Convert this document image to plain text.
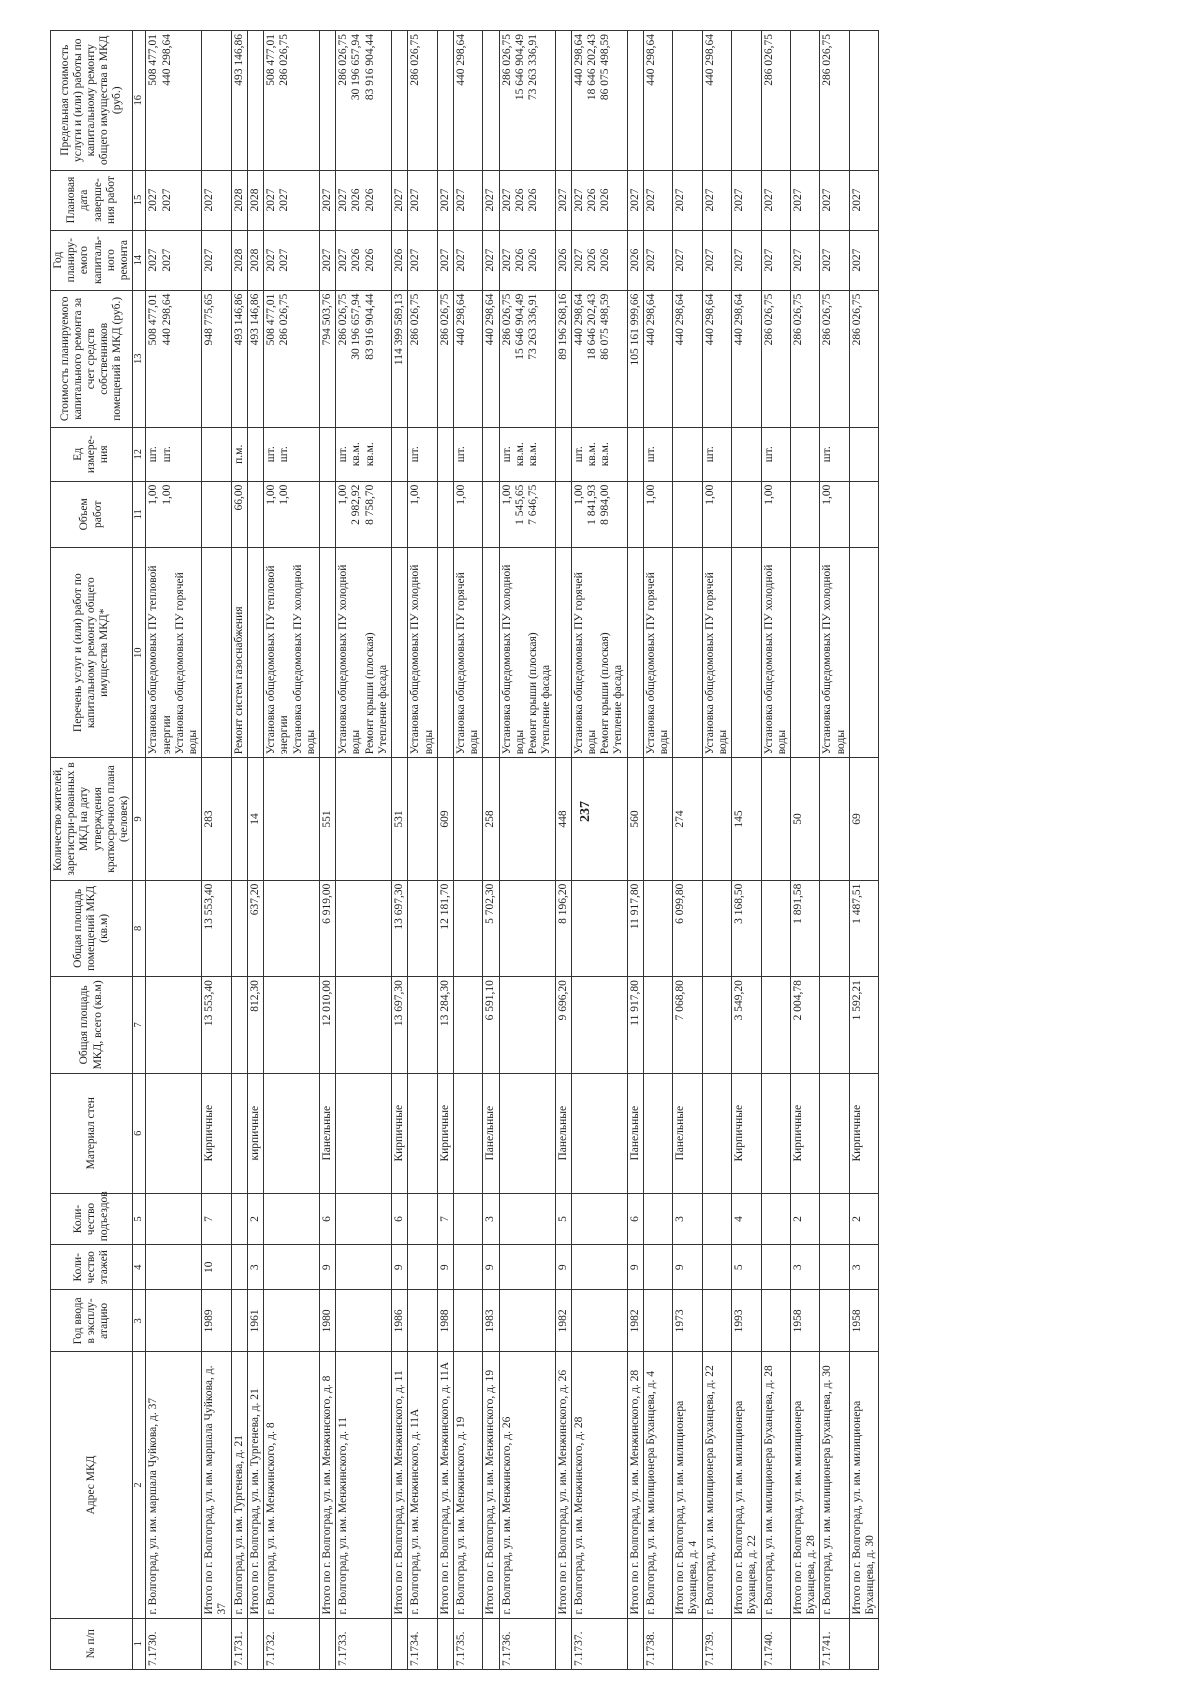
237
№ п/п	Адрес МКД	Год ввода в эксплу-атацию	Коли-чество этажей	Коли-чество подъездов	Материал стен	Общая площадь МКД, всего (кв.м)	Общая площадь помещений МКД (кв.м)	Количество жителей, зарегистри-рованных в МКД на дату утверждения краткосрочного плана (человек)	Перечень услуг и (или) работ по капитальному ремонту общего имущества МКД*	Объем работ	Ед измере-ния	Стоимость планируемого капитального ремонта за счет средств собственников помещений в МКД (руб.)	Год планиру-емого капиталь-ного ремонта	Плановая дата заверше-ния работ	Предельная стоимость услуги и (или) работы по капитальному ремонту общего имущества в МКД (руб.)
1	2	3	4	5	6	7	8	9	10	11	12	13	14	15	16

7.1730.	г. Волгоград, ул. им. маршала Чуйкова, д. 37								Установка общедомовых ПУ тепловой энергии Установка общедомовых ПУ горячей воды	1,00 1,00	шт. шт.	508 477,01 440 298,64	2027 2027	2027 2027	508 477,01 440 298,64

	Итого по г. Волгоград, ул. им. маршала Чуйкова, д. 37	1989	10	7	Кирпичные	13 553,40	13 553,40	283				948 775,65	2027	2027	

7.1731.	г. Волгоград, ул. им. Тургенева, д. 21								Ремонт систем газоснабжения	66,00	п.м.	493 146,86	2028	2028	493 146,86

	Итого по г. Волгоград, ул. им. Тургенева, д. 21	1961	3	2	кирпичные	812,30	637,20	14				493 146,86	2028	2028	

7.1732.	г. Волгоград, ул. им. Менжинского, д. 8								Установка общедомовых ПУ тепловой энергии Установка общедомовых ПУ холодной воды	1,00 1,00	шт. шт.	508 477,01 286 026,75	2027 2027	2027 2027	508 477,01 286 026,75

	Итого по г. Волгоград, ул. им. Менжинского, д. 8	1980	9	6	Панельные	12 010,00	6 919,00	551				794 503,76	2027	2027	

7.1733.	г. Волгоград, ул. им. Менжинского, д. 11								Установка общедомовых ПУ холодной воды Ремонт крыши (плоская) Утепление фасада	1,00 2 982,92 8 758,70	шт. кв.м. кв.м.	286 026,75 30 196 657,94 83 916 904,44	2027 2026 2026	2027 2026 2026	286 026,75 30 196 657,94 83 916 904,44

	Итого по г. Волгоград, ул. им. Менжинского, д. 11	1986	9	6	Кирпичные	13 697,30	13 697,30	531				114 399 589,13	2026	2027	

7.1734.	г. Волгоград, ул. им. Менжинского, д. 11А								Установка общедомовых ПУ холодной воды	1,00	шт.	286 026,75	2027	2027	286 026,75

	Итого по г. Волгоград, ул. им. Менжинского, д. 11А	1988	9	7	Кирпичные	13 284,30	12 181,70	609				286 026,75	2027	2027	

7.1735.	г. Волгоград, ул. им. Менжинского, д. 19								Установка общедомовых ПУ горячей воды	1,00	шт.	440 298,64	2027	2027	440 298,64

	Итого по г. Волгоград, ул. им. Менжинского, д. 19	1983	9	3	Панельные	6 591,10	5 702,30	258				440 298,64	2027	2027	

7.1736.	г. Волгоград, ул. им. Менжинского, д. 26								Установка общедомовых ПУ холодной воды Ремонт крыши (плоская) Утепление фасада	1,00 1 545,65 7 646,75	шт. кв.м. кв.м.	286 026,75 15 646 904,49 73 263 336,91	2027 2026 2026	2027 2026 2026	286 026,75 15 646 904,49 73 263 336,91

	Итого по г. Волгоград, ул. им. Менжинского, д. 26	1982	9	5	Панельные	9 696,20	8 196,20	448				89 196 268,16	2026	2027	

7.1737.	г. Волгоград, ул. им. Менжинского, д. 28								Установка общедомовых ПУ горячей воды Ремонт крыши (плоская) Утепление фасада	1,00 1 841,93 8 984,00	шт. кв.м. кв.м.	440 298,64 18 646 202,43 86 075 498,59	2027 2026 2026	2027 2026 2026	440 298,64 18 646 202,43 86 075 498,59

	Итого по г. Волгоград, ул. им. Менжинского, д. 28	1982	9	6	Панельные	11 917,80	11 917,80	560				105 161 999,66	2026	2027	

7.1738.	г. Волгоград, ул. им. милиционера Буханцева, д. 4								Установка общедомовых ПУ горячей воды	1,00	шт.	440 298,64	2027	2027	440 298,64

	Итого по г. Волгоград, ул. им. милиционера Буханцева, д. 4	1973	9	3	Панельные	7 068,80	6 099,80	274				440 298,64	2027	2027	

7.1739.	г. Волгоград, ул. им. милиционера Буханцева, д. 22								Установка общедомовых ПУ горячей воды	1,00	шт.	440 298,64	2027	2027	440 298,64

	Итого по г. Волгоград, ул. им. милиционера Буханцева, д. 22	1993	5	4	Кирпичные	3 549,20	3 168,50	145				440 298,64	2027	2027	

7.1740.	г. Волгоград, ул. им. милиционера Буханцева, д. 28								Установка общедомовых ПУ холодной воды	1,00	шт.	286 026,75	2027	2027	286 026,75

	Итого по г. Волгоград, ул. им. милиционера Буханцева, д. 28	1958	3	2	Кирпичные	2 004,78	1 891,58	50				286 026,75	2027	2027	

7.1741.	г. Волгоград, ул. им. милиционера Буханцева, д. 30								Установка общедомовых ПУ холодной воды	1,00	шт.	286 026,75	2027	2027	286 026,75

	Итого по г. Волгоград, ул. им. милиционера Буханцева, д. 30	1958	3	2	Кирпичные	1 592,21	1 487,51	69				286 026,75	2027	2027	
